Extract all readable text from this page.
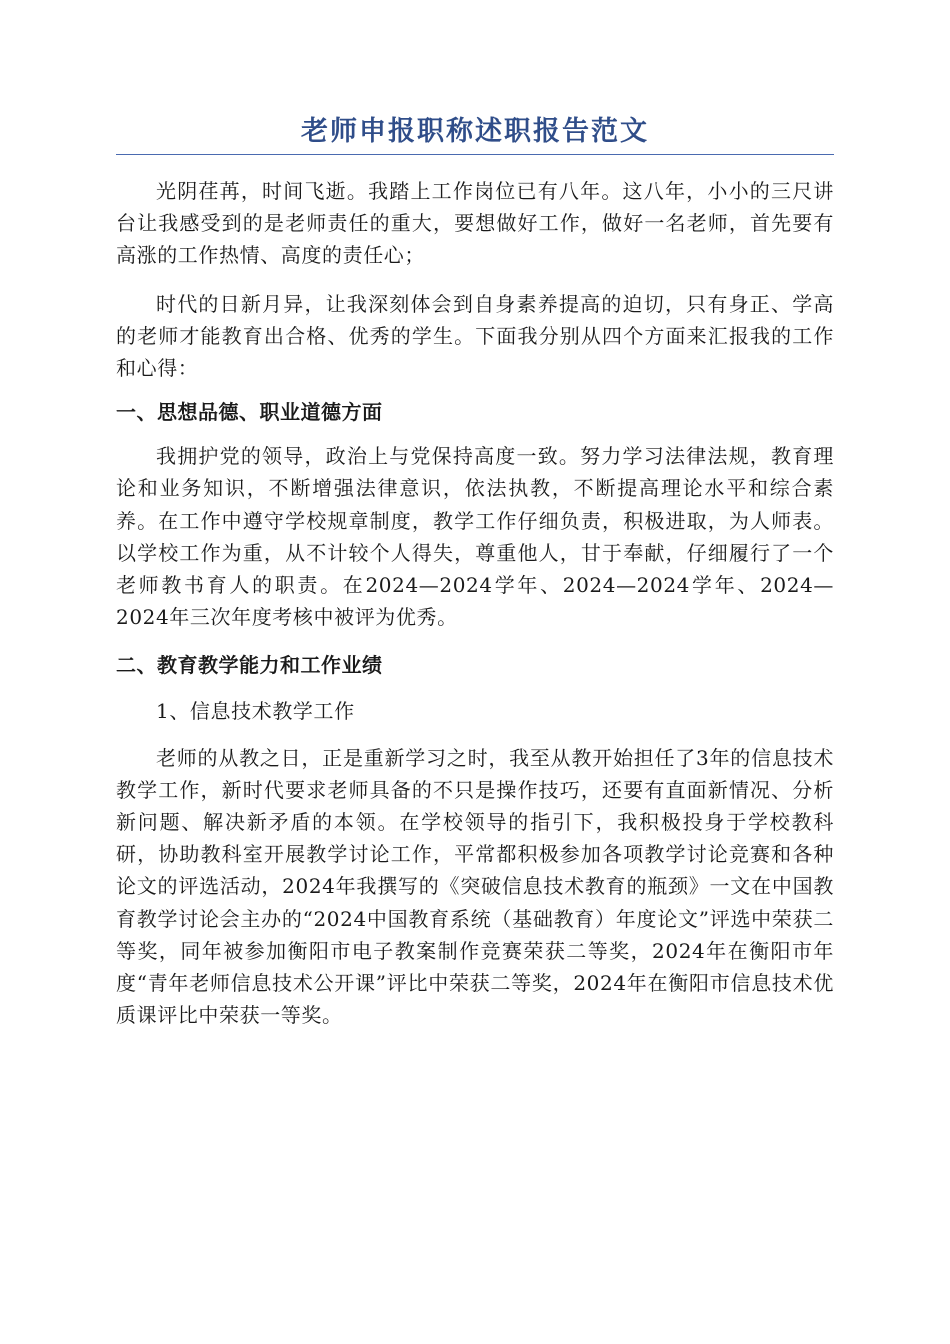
老师申报职称述职报告范文

光阴荏苒，时间飞逝。我踏上工作岗位已有八年。这八年，小小的三尺讲台让我感受到的是老师责任的重大，要想做好工作，做好一名老师，首先要有高涨的工作热情、高度的责任心；

时代的日新月异，让我深刻体会到自身素养提高的迫切，只有身正、学高的老师才能教育出合格、优秀的学生。下面我分别从四个方面来汇报我的工作和心得：

一、思想品德、职业道德方面

我拥护党的领导，政治上与党保持高度一致。努力学习法律法规，教育理论和业务知识，不断增强法律意识，依法执教，不断提高理论水平和综合素养。在工作中遵守学校规章制度，教学工作仔细负责，积极进取，为人师表。以学校工作为重，从不计较个人得失，尊重他人，甘于奉献，仔细履行了一个老师教书育人的职责。在2024—2024学年、2024—2024学年、2024—2024年三次年度考核中被评为优秀。

二、教育教学能力和工作业绩

1、信息技术教学工作

老师的从教之日，正是重新学习之时，我至从教开始担任了3年的信息技术教学工作，新时代要求老师具备的不只是操作技巧，还要有直面新情况、分析新问题、解决新矛盾的本领。在学校领导的指引下，我积极投身于学校教科研，协助教科室开展教学讨论工作，平常都积极参加各项教学讨论竞赛和各种论文的评选活动，2024年我撰写的《突破信息技术教育的瓶颈》一文在中国教育教学讨论会主办的“2024中国教育系统（基础教育）年度论文”评选中荣获二等奖，同年被参加衡阳市电子教案制作竞赛荣获二等奖，2024年在衡阳市年度“青年老师信息技术公开课”评比中荣获二等奖，2024年在衡阳市信息技术优质课评比中荣获一等奖。
